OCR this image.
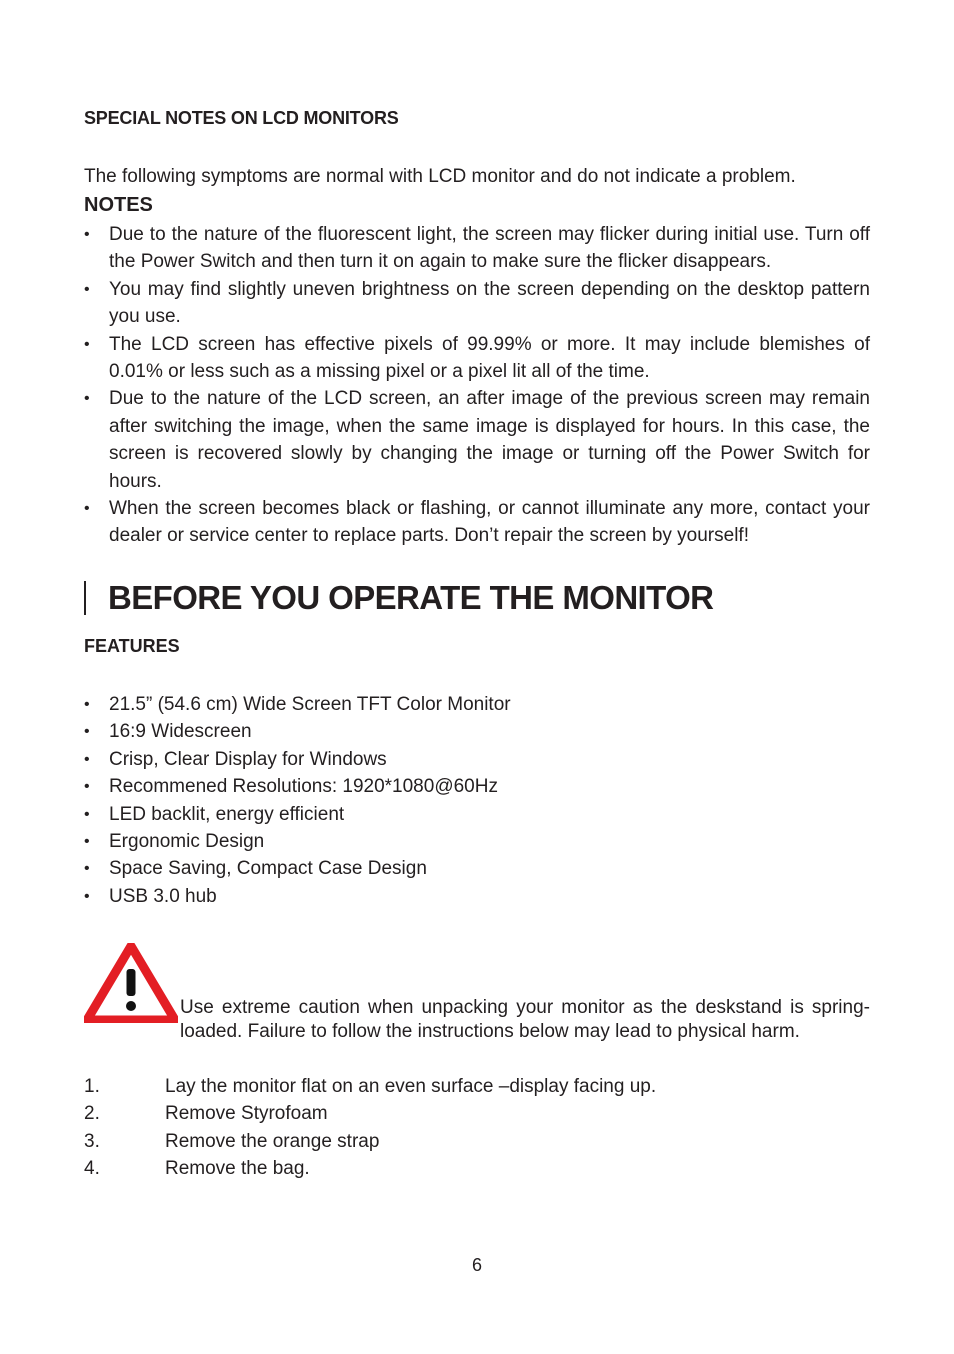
SPECIAL NOTES ON LCD MONITORS
The following symptoms are normal with LCD monitor and do not indicate a problem.
NOTES
• Due to the nature of the fluorescent light, the screen may flicker during initial use. Turn off the Power Switch and then turn it on again to make sure the flicker disappears.
• You may find slightly uneven brightness on the screen depending on the desktop pattern you use.
• The LCD screen has effective pixels of 99.99% or more. It may include blemishes of 0.01% or less such as a missing pixel or a pixel lit all of the time.
• Due to the nature of the LCD screen, an after image of the previous screen may remain after switching the image, when the same image is displayed for hours. In this case, the screen is recovered slowly by changing the image or turning off the Power Switch for hours.
• When the screen becomes black or flashing, or cannot illuminate any more, contact your dealer or service center to replace parts. Don’t repair the screen by yourself!
BEFORE YOU OPERATE THE MONITOR
FEATURES
• 21.5” (54.6 cm) Wide Screen TFT Color Monitor
• 16:9 Widescreen
• Crisp, Clear Display for Windows
• Recommened Resolutions: 1920*1080@60Hz
• LED backlit, energy efficient
• Ergonomic Design
• Space Saving, Compact Case Design
• USB 3.0 hub
Use extreme caution when unpacking your monitor as the deskstand is spring-loaded. Failure to follow the instructions below may lead to physical harm.
1.	Lay the monitor flat on an even surface –display facing up.
2.	Remove Styrofoam
3.	Remove the orange strap
4.	Remove the bag.
6
